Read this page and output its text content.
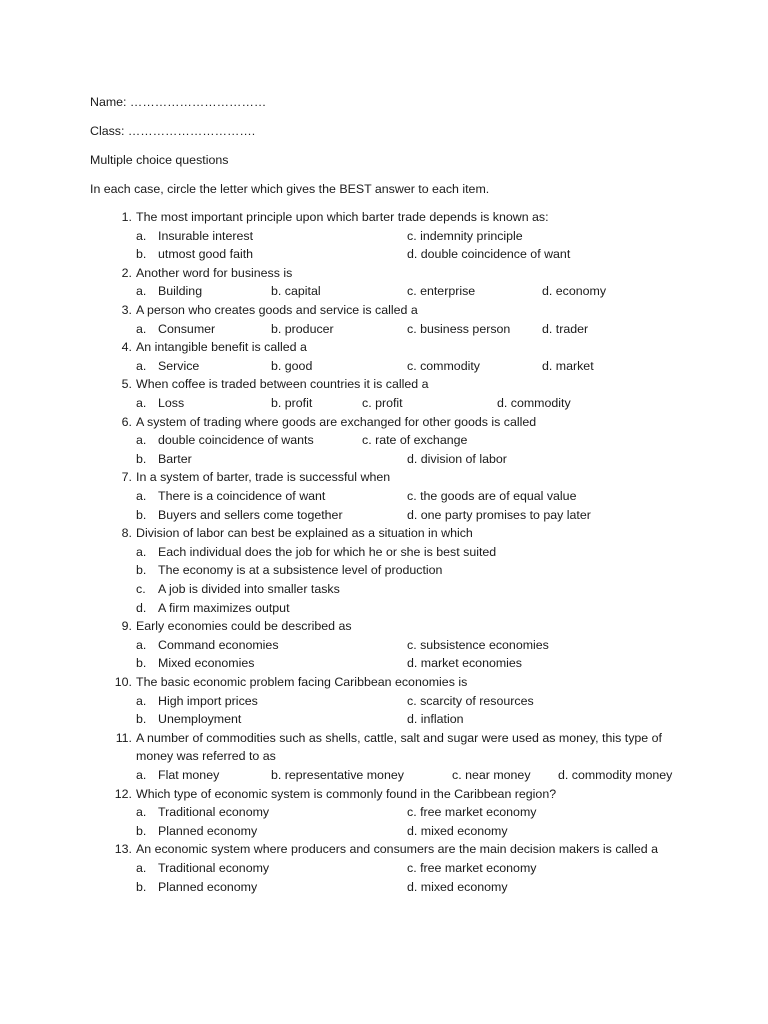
Name: ……………………………
Class: ………………………….
Multiple choice questions
In each case, circle the letter which gives the BEST answer to each item.
1. The most important principle upon which barter trade depends is known as:
a. Insurable interest	c. indemnity principle
b. utmost good faith	d. double coincidence of want
2. Another word for business is
a. Building	b. capital	c. enterprise	d. economy
3. A person who creates goods and service is called a
a. Consumer	b. producer	c. business person	d. trader
4. An intangible benefit is called a
a. Service	b. good	c. commodity	d. market
5. When coffee is traded between countries it is called a
a. Loss	b. profit	c. profit	d. commodity
6. A system of trading where goods are exchanged for other goods is called
a. double coincidence of wants	c. rate of exchange
b. Barter	d. division of labor
7. In a system of barter, trade is successful when
a. There is a coincidence of want	c. the goods are of equal value
b. Buyers and sellers come together	d. one party promises to pay later
8. Division of labor can best be explained as a situation in which
a. Each individual does the job for which he or she is best suited
b. The economy is at a subsistence level of production
c. A job is divided into smaller tasks
d. A firm maximizes output
9. Early economies could be described as
a. Command economies	c. subsistence economies
b. Mixed economies	d. market economies
10. The basic economic problem facing Caribbean economies is
a. High import prices	c. scarcity of resources
b. Unemployment	d. inflation
11. A number of commodities such as shells, cattle, salt and sugar were used as money, this type of
money was referred to as
a. Flat money	b. representative money	c. near money d. commodity money
12. Which type of economic system is commonly found in the Caribbean region?
a. Traditional economy	c. free market economy
b. Planned economy	d. mixed economy
13. An economic system where producers and consumers are the main decision makers is called a
a. Traditional economy	c. free market economy
b. Planned economy	d. mixed economy
